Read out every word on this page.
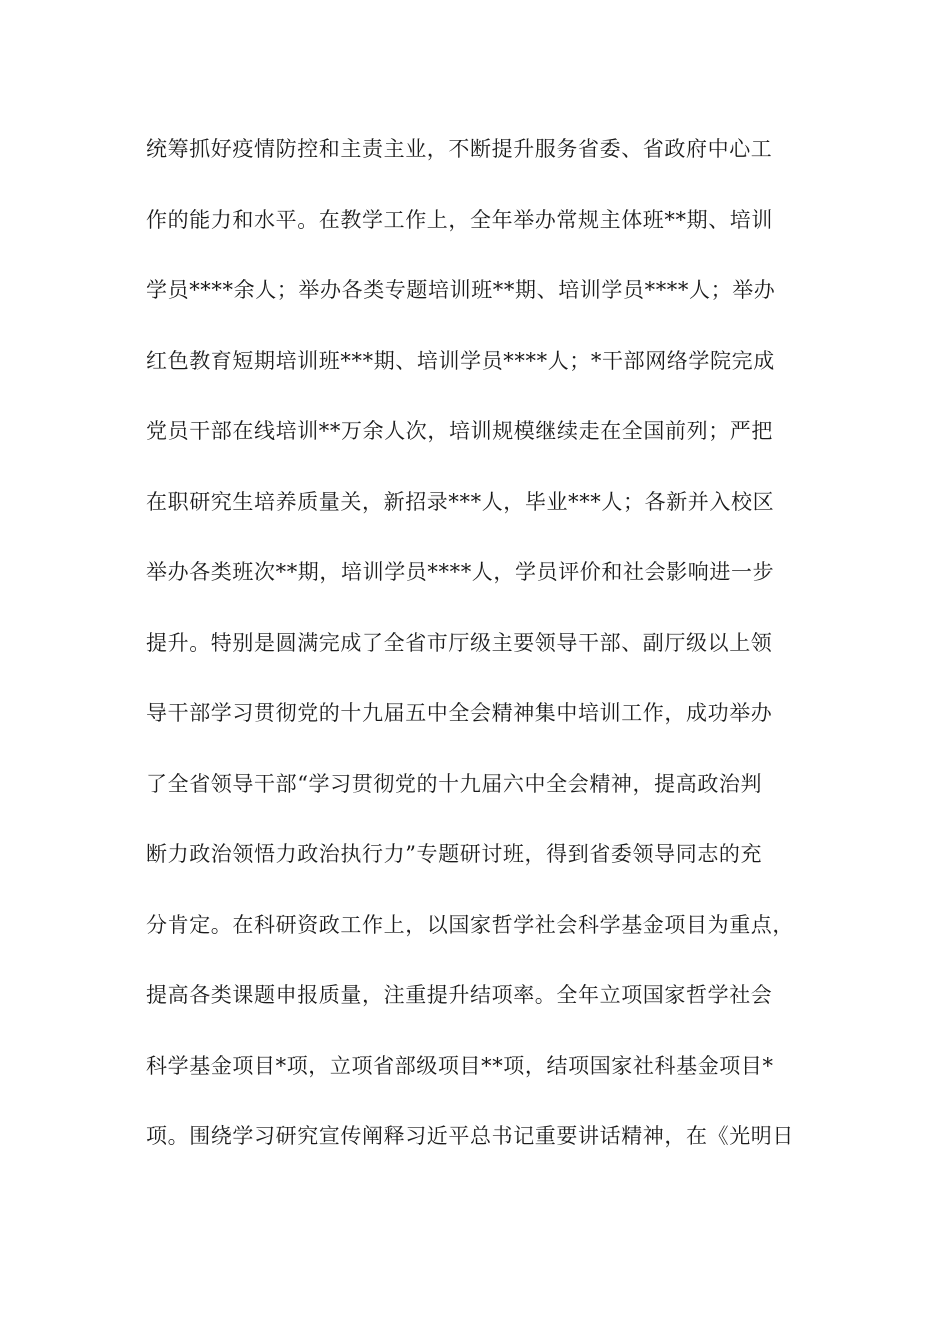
统筹抓好疫情防控和主责主业，不断提升服务省委、省政府中心工
作的能力和水平。在教学工作上，全年举办常规主体班**期、培训
学员****余人；举办各类专题培训班**期、培训学员****人；举办
红色教育短期培训班***期、培训学员****人；*干部网络学院完成
党员干部在线培训**万余人次，培训规模继续走在全国前列；严把
在职研究生培养质量关，新招录***人，毕业***人；各新并入校区
举办各类班次**期，培训学员****人，学员评价和社会影响进一步
提升。特别是圆满完成了全省市厅级主要领导干部、副厅级以上领
导干部学习贯彻党的十九届五中全会精神集中培训工作，成功举办
了全省领导干部“学习贯彻党的十九届六中全会精神，提高政治判
断力政治领悟力政治执行力”专题研讨班，得到省委领导同志的充
分肯定。在科研资政工作上，以国家哲学社会科学基金项目为重点，
提高各类课题申报质量，注重提升结项率。全年立项国家哲学社会
科学基金项目*项，立项省部级项目**项，结项国家社科基金项目*
项。围绕学习研究宣传阐释习近平总书记重要讲话精神，在《光明日
